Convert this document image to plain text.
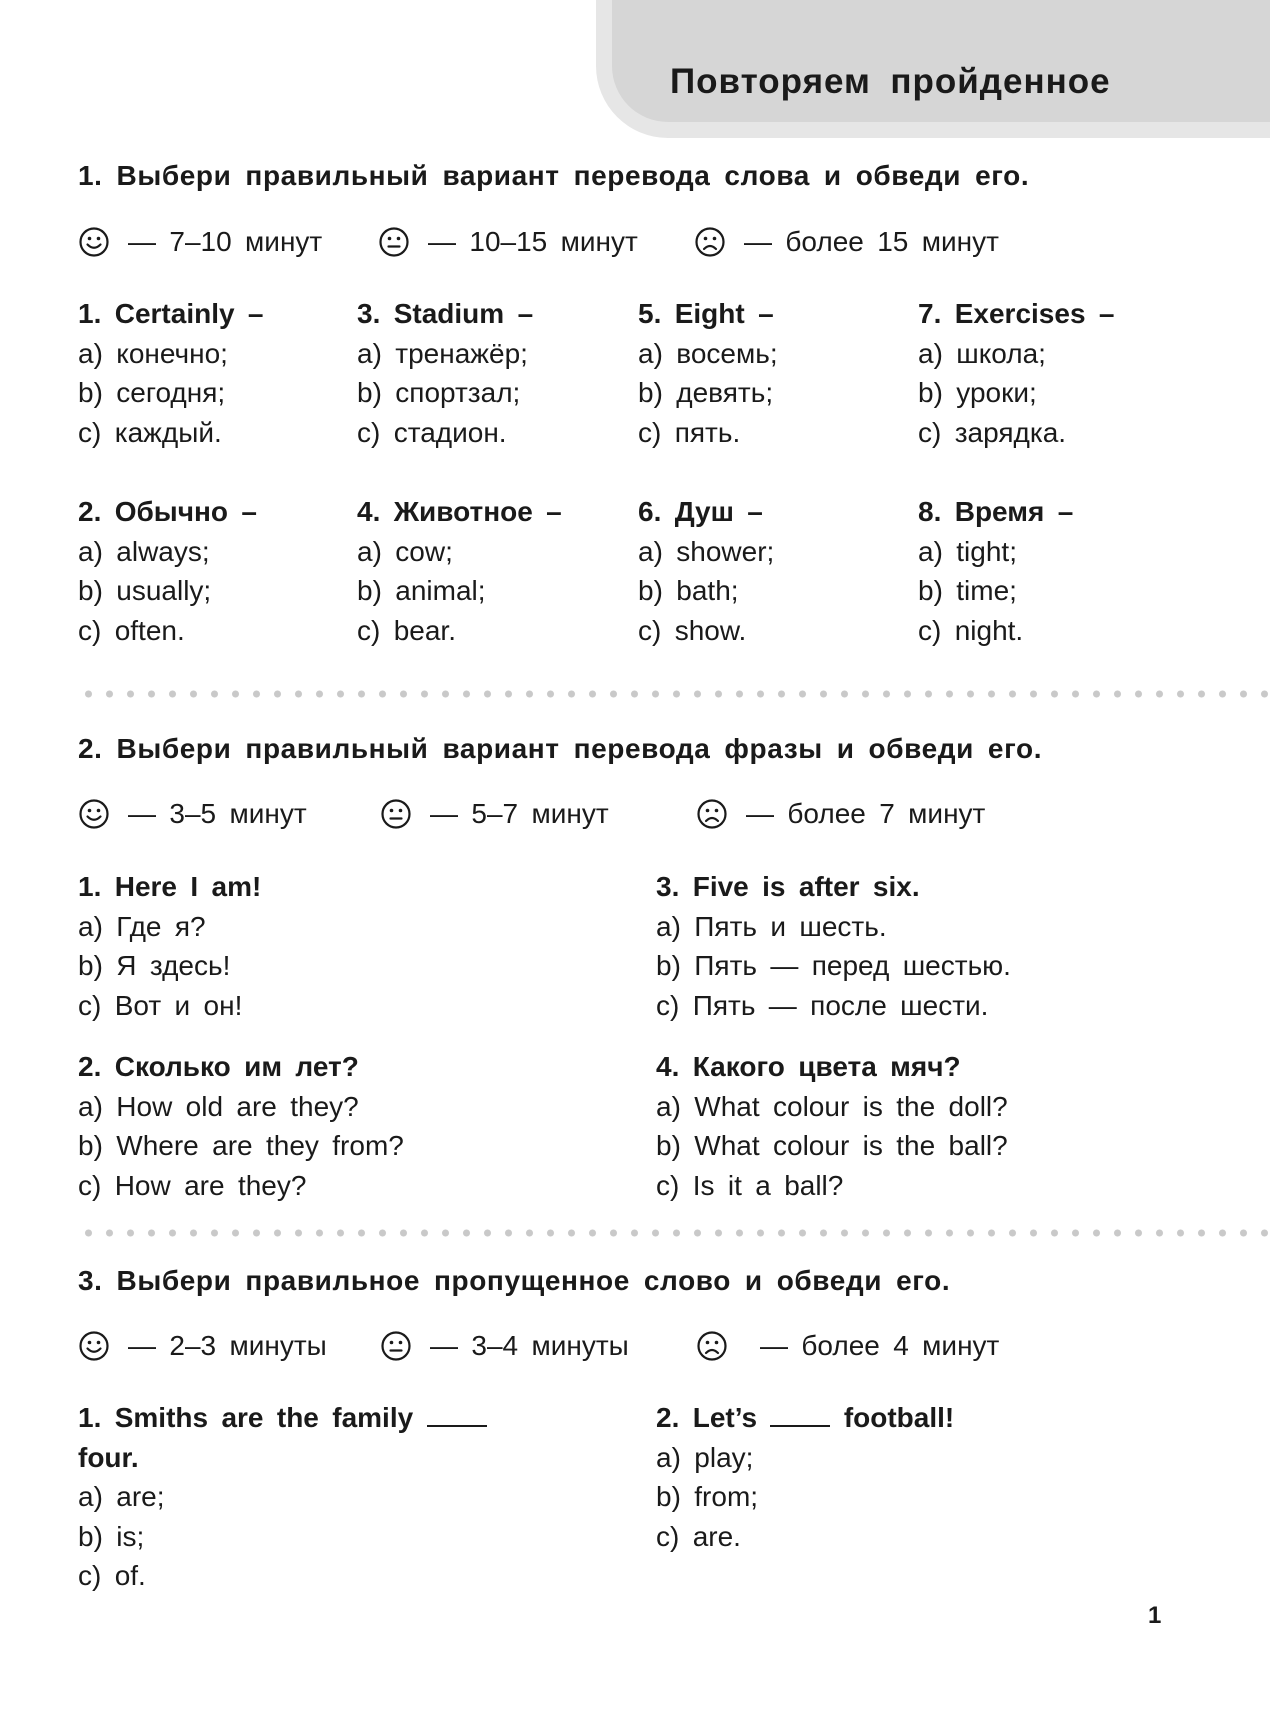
Повторяем пройденное
1. Выбери правильный вариант перевода слова и обведи его.
— 7–10 минут	— 10–15 минут	— более 15 минут
1. Certainly –
a) конечно;
b) сегодня;
c) каждый.
3. Stadium –
a) тренажёр;
b) спортзал;
c) стадион.
5. Eight –
a) восемь;
b) девять;
c) пять.
7. Exercises –
a) школа;
b) уроки;
c) зарядка.
2. Обычно –
a) always;
b) usually;
c) often.
4. Животное –
a) cow;
b) animal;
c) bear.
6. Душ –
a) shower;
b) bath;
c) show.
8. Время –
a) tight;
b) time;
c) night.
2. Выбери правильный вариант перевода фразы и обведи его.
— 3–5 минут	— 5–7 минут	— более 7 минут
1. Here I am!
a) Где я?
b) Я здесь!
c) Вот и он!
3. Five is after six.
a) Пять и шесть.
b) Пять — перед шестью.
c) Пять — после шести.
2. Сколько им лет?
a) How old are they?
b) Where are they from?
c) How are they?
4. Какого цвета мяч?
a) What colour is the doll?
b) What colour is the ball?
c) Is it a ball?
3. Выбери правильное пропущенное слово и обведи его.
— 2–3 минуты	— 3–4 минуты	— более 4 минут
1. Smiths are the family
four.
a) are;
b) is;
c) of.
2. Let’s	football!
a) play;
b) from;
c) are.
1
